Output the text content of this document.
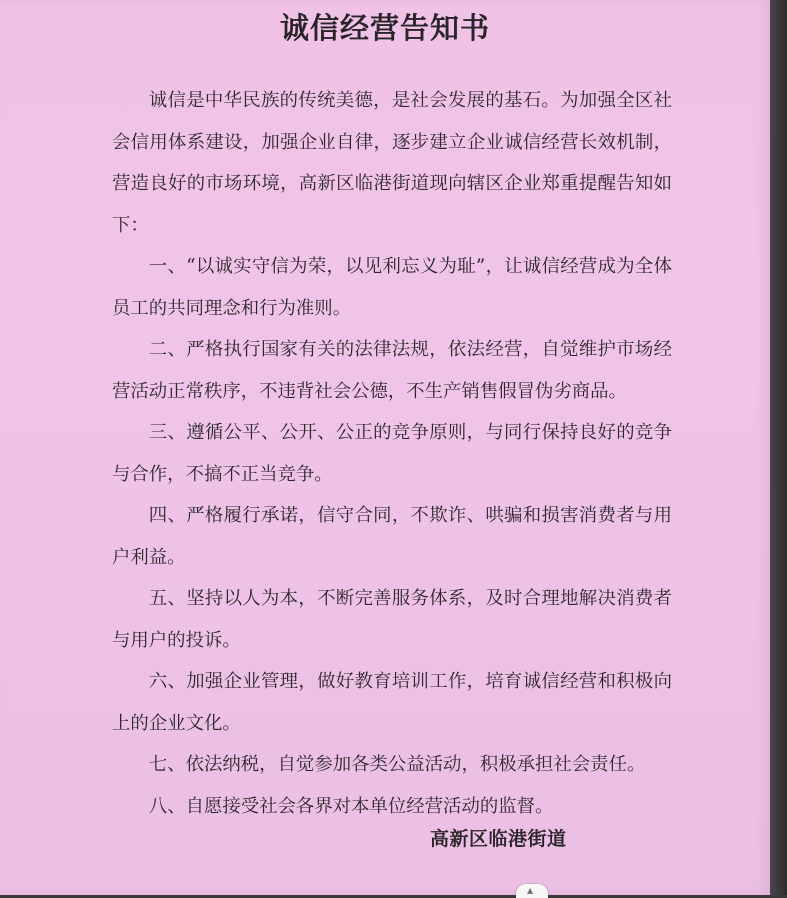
诚信经营告知书

诚信是中华民族的传统美德，是社会发展的基石。为加强全区社会信用体系建设，加强企业自律，逐步建立企业诚信经营长效机制，营造良好的市场环境，高新区临港街道现向辖区企业郑重提醒告知如下：

一、“以诚实守信为荣，以见利忘义为耻”，让诚信经营成为全体员工的共同理念和行为准则。

二、严格执行国家有关的法律法规，依法经营，自觉维护市场经营活动正常秩序，不违背社会公德，不生产销售假冒伪劣商品。

三、遵循公平、公开、公正的竞争原则，与同行保持良好的竞争与合作，不搞不正当竞争。

四、严格履行承诺，信守合同，不欺诈、哄骗和损害消费者与用户利益。

五、坚持以人为本，不断完善服务体系，及时合理地解决消费者与用户的投诉。

六、加强企业管理，做好教育培训工作，培育诚信经营和积极向上的企业文化。

七、依法纳税，自觉参加各类公益活动，积极承担社会责任。

八、自愿接受社会各界对本单位经营活动的监督。

高新区临港街道
▲
